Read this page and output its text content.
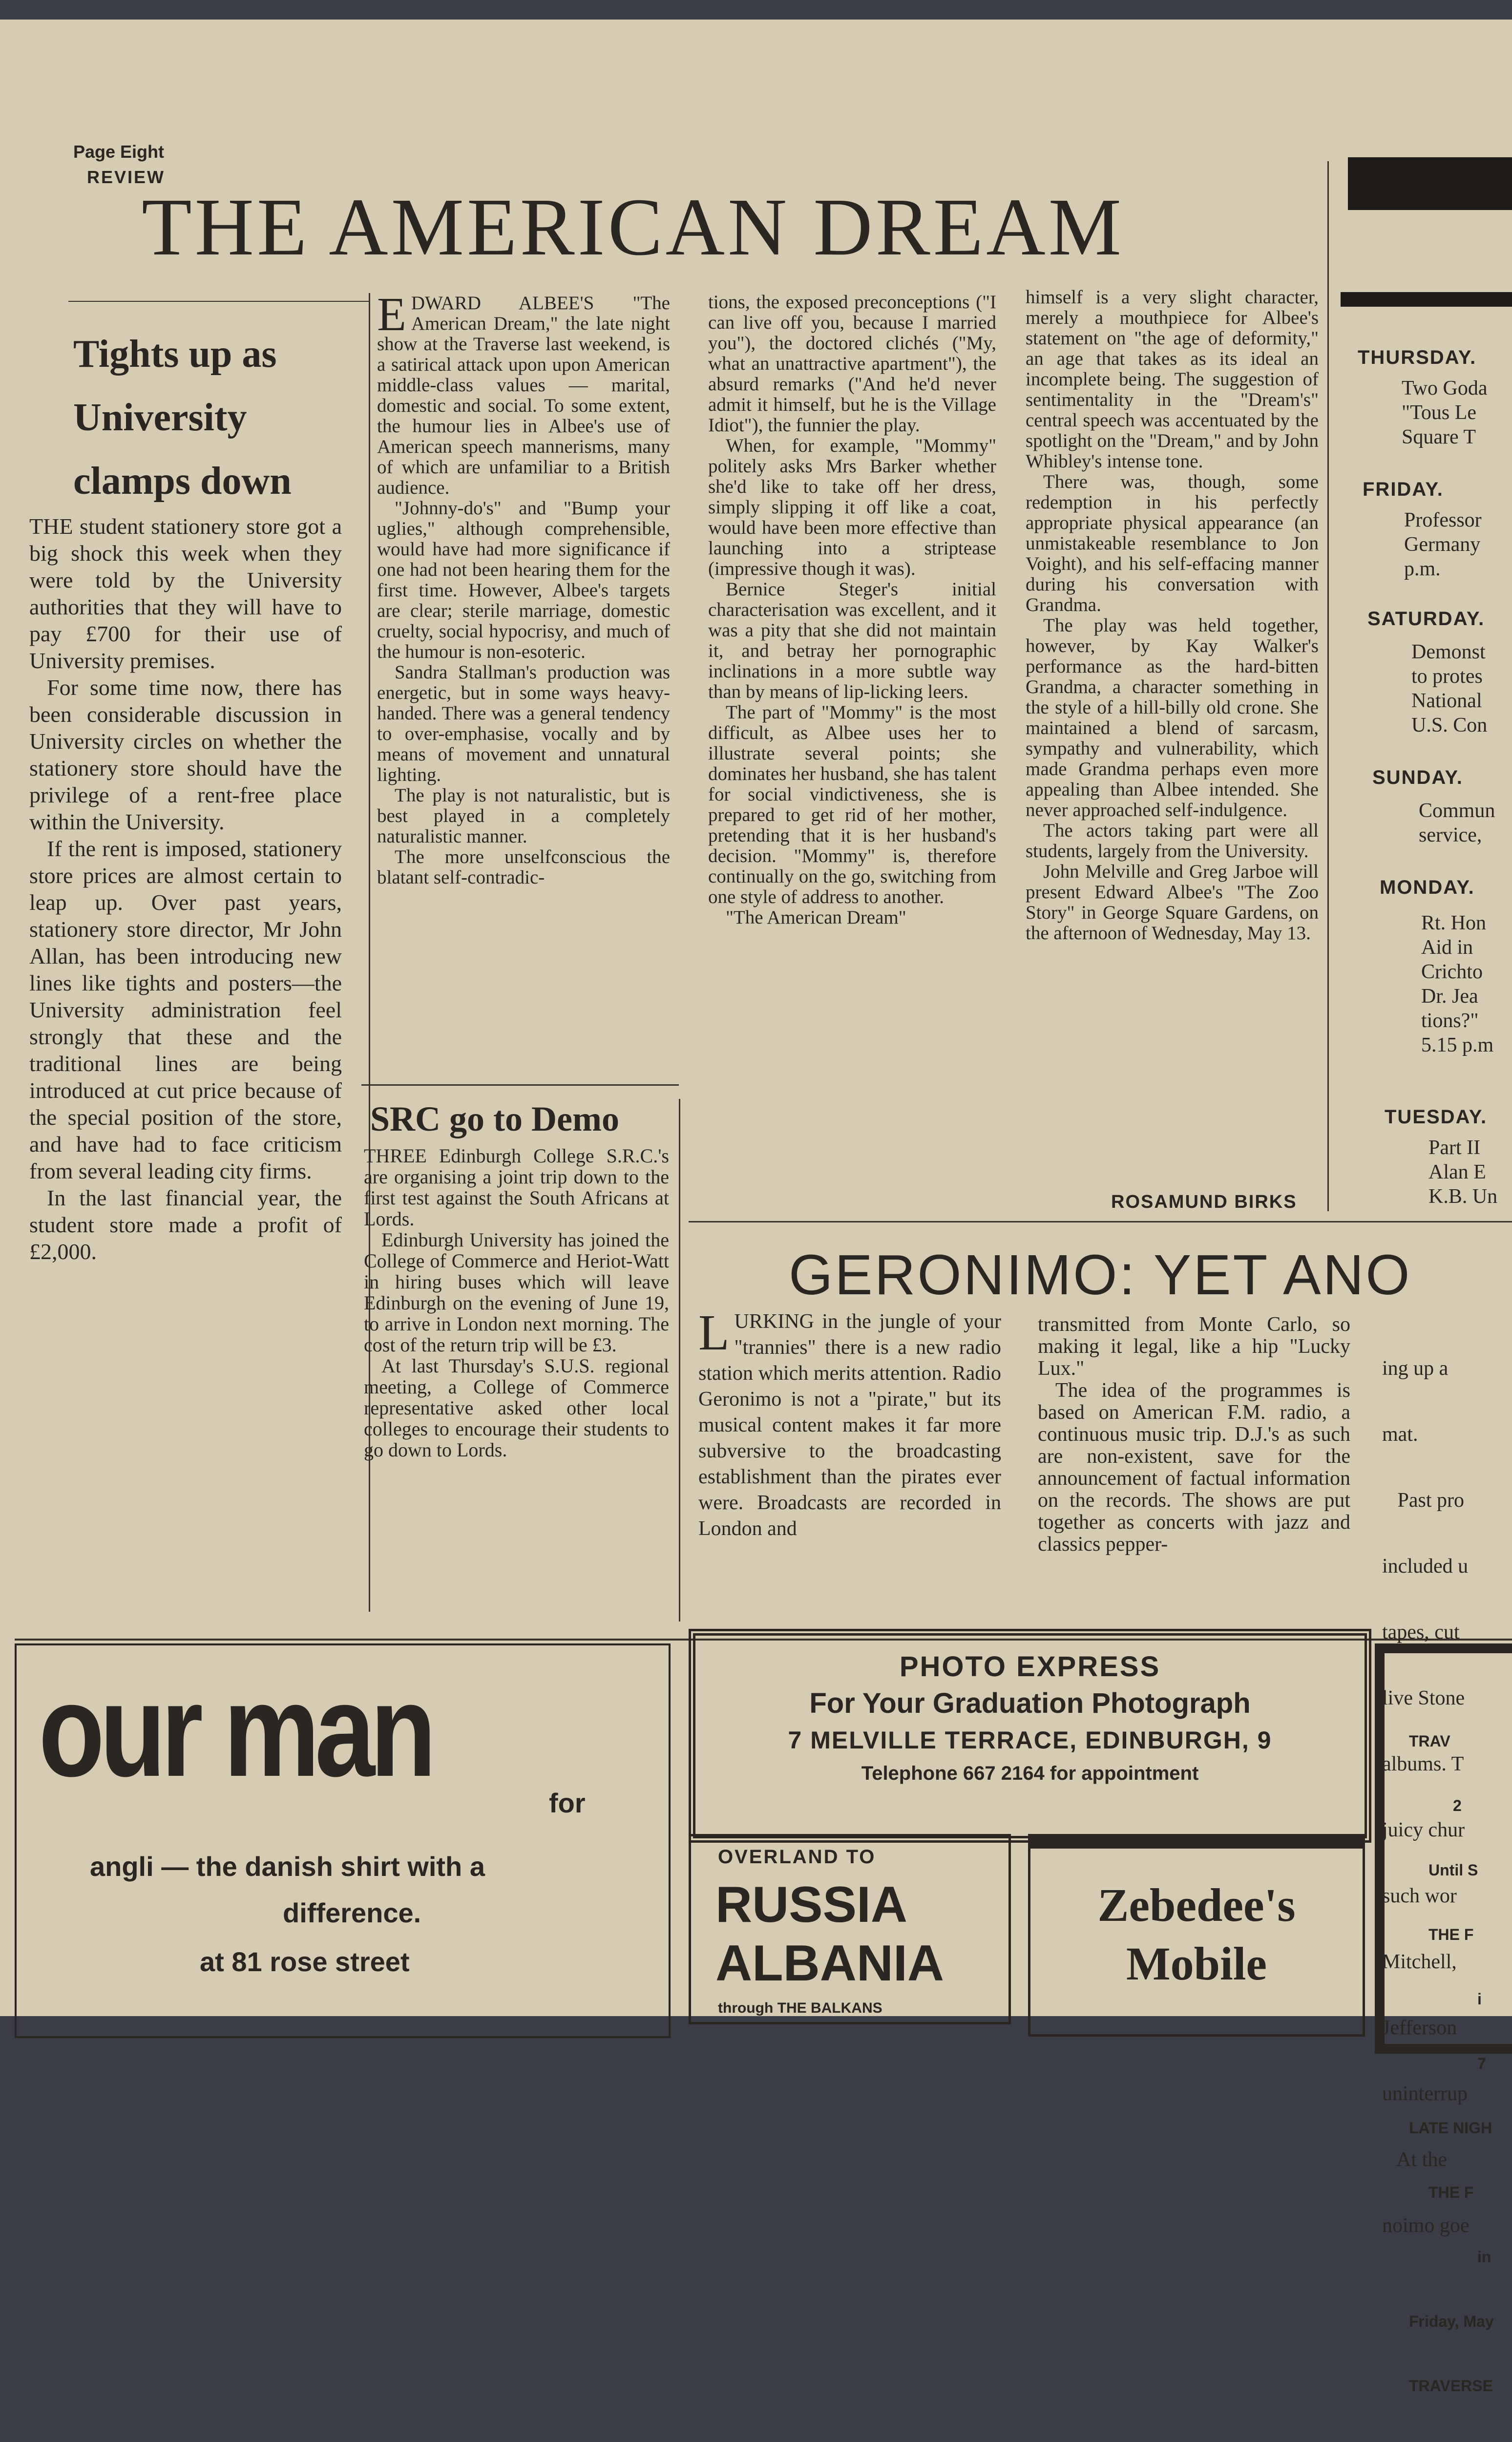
Page Eight
REVIEW
THE AMERICAN DREAM
Tights up as
University
clamps down

THE student stationery store got a big shock this week when they were told by the University authorities that they will have to pay £700 for their use of University premises.

For some time now, there has been considerable discussion in University circles on whether the stationery store should have the privilege of a rent-free place within the University.

If the rent is imposed, stationery store prices are almost certain to leap up. Over past years, stationery store director, Mr John Allan, has been introducing new lines like tights and posters—the University administration feel strongly that these and the traditional lines are being introduced at cut price because of the special position of the store, and have had to face criticism from several leading city firms.

In the last financial year, the student store made a profit of £2,000.

EDWARD ALBEE'S "The American Dream," the late night show at the Traverse last weekend, is a satirical attack upon upon American middle-class values — marital, domestic and social. To some extent, the humour lies in Albee's use of American speech mannerisms, many of which are unfamiliar to a British audience.

"Johnny-do's" and "Bump your uglies," although comprehensible, would have had more significance if one had not been hearing them for the first time. However, Albee's targets are clear; sterile marriage, domestic cruelty, social hypocrisy, and much of the humour is non-esoteric.

Sandra Stallman's production was energetic, but in some ways heavy-handed. There was a general tendency to over-emphasise, vocally and by means of movement and unnatural lighting.

The play is not naturalistic, but is best played in a completely naturalistic manner.

The more unselfconscious the blatant self-contradic-

tions, the exposed preconceptions ("I can live off you, because I married you"), the doctored clichés ("My, what an unattractive apartment"), the absurd remarks ("And he'd never admit it himself, but he is the Village Idiot"), the funnier the play.

When, for example, "Mommy" politely asks Mrs Barker whether she'd like to take off her dress, simply slipping it off like a coat, would have been more effective than launching into a striptease (impressive though it was).

Bernice Steger's initial characterisation was excellent, and it was a pity that she did not maintain it, and betray her pornographic inclinations in a more subtle way than by means of lip-licking leers.

The part of "Mommy" is the most difficult, as Albee uses her to illustrate several points; she dominates her husband, she has talent for social vindictiveness, she is prepared to get rid of her mother, pretending that it is her husband's decision. "Mommy" is, therefore continually on the go, switching from one style of address to another.

"The American Dream"

himself is a very slight character, merely a mouthpiece for Albee's statement on "the age of deformity," an age that takes as its ideal an incomplete being. The suggestion of sentimentality in the "Dream's" central speech was accentuated by the spotlight on the "Dream," and by John Whibley's intense tone.

There was, though, some redemption in his perfectly appropriate physical appearance (an unmistakeable resemblance to Jon Voight), and his self-effacing manner during his conversation with Grandma.

The play was held together, however, by Kay Walker's performance as the hard-bitten Grandma, a character something in the style of a hill-billy old crone. She maintained a blend of sarcasm, sympathy and vulnerability, which made Grandma perhaps even more appealing than Albee intended. She never approached self-indulgence.

The actors taking part were all students, largely from the University.

John Melville and Greg Jarboe will present Edward Albee's "The Zoo Story" in George Square Gardens, on the afternoon of Wednesday, May 13.

ROSAMUND BIRKS
SRC go to Demo

THREE Edinburgh College S.R.C.'s are organising a joint trip down to the first test against the South Africans at Lords.

Edinburgh University has joined the College of Commerce and Heriot-Watt in hiring buses which will leave Edinburgh on the evening of June 19, to arrive in London next morning. The cost of the return trip will be £3.

At last Thursday's S.U.S. regional meeting, a College of Commerce representative asked other local colleges to encourage their students to go down to Lords.

GERONIMO: YET ANO

LURKING in the jungle of your "trannies" there is a new radio station which merits attention. Radio Geronimo is not a "pirate," but its musical content makes it far more subversive to the broadcasting establishment than the pirates ever were. Broadcasts are recorded in London and

transmitted from Monte Carlo, so making it legal, like a hip "Lucky Lux."

The idea of the programmes is based on American F.M. radio, a continuous music trip. D.J.'s as such are non-existent, save for the announcement of factual information on the records. The shows are put together as concerts with jazz and classics pepper-

ing up a

mat.

Past pro

included u

tapes, cut

live Stone

albums. T

juicy chur

such wor

Mitchell,

Jefferson

uninterrup

At the

noimo goe

THURSDAY.
Two Goda
"Tous Le
Square T
FRIDAY.
Professor
Germany
p.m.
SATURDAY.
Demonst
to protes
National
U.S. Con
SUNDAY.
Commun
service,
MONDAY.
Rt. Hon
Aid in
Crichto
Dr. Jea
tions?"
5.15 p.m
TUESDAY.
Part II
Alan E
K.B. Un
our man	for
angli — the danish shirt with a
difference.
at 81 rose street
PHOTO EXPRESS
For Your Graduation Photograph
7 MELVILLE TERRACE, EDINBURGH, 9
Telephone 667 2164 for appointment
OVERLAND TO
RUSSIA
ALBANIA
through THE BALKANS
Zebedee's
Mobile

TRAV

2

Until S

THE F

i

7

LATE NIGH

THE F

in

Friday, May

TRAVERSE
